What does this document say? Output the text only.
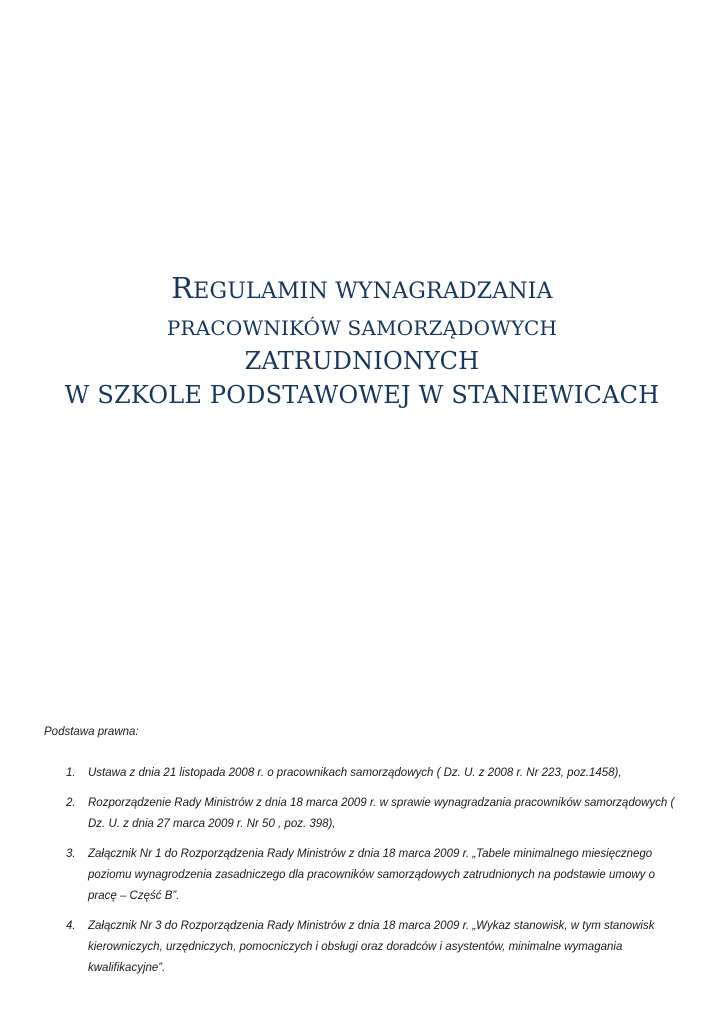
REGULAMIN WYNAGRADZANIA
PRACOWNIKÓW SAMORZĄDOWYCH
ZATRUDNIONYCH
W SZKOLE PODSTAWOWEJ W STANIEWICACH

Podstawa prawna:

1. Ustawa z dnia 21 listopada 2008 r. o pracownikach samorządowych ( Dz. U. z 2008 r. Nr 223, poz.1458),
2. Rozporządzenie Rady Ministrów z dnia 18 marca 2009 r. w sprawie wynagradzania pracowników samorządowych ( Dz. U. z dnia 27 marca 2009 r. Nr 50 , poz. 398),
3. Załącznik Nr 1 do Rozporządzenia Rady Ministrów z dnia 18 marca 2009 r. „Tabele minimalnego miesięcznego poziomu wynagrodzenia zasadniczego dla pracowników samorządowych zatrudnionych na podstawie umowy o pracę – Część B”.
4. Załącznik Nr 3 do Rozporządzenia Rady Ministrów z dnia 18 marca 2009 r. „Wykaz stanowisk, w tym stanowisk kierowniczych, urzędniczych, pomocniczych i obsługi oraz doradców i asystentów, minimalne wymagania kwalifikacyjne”.
